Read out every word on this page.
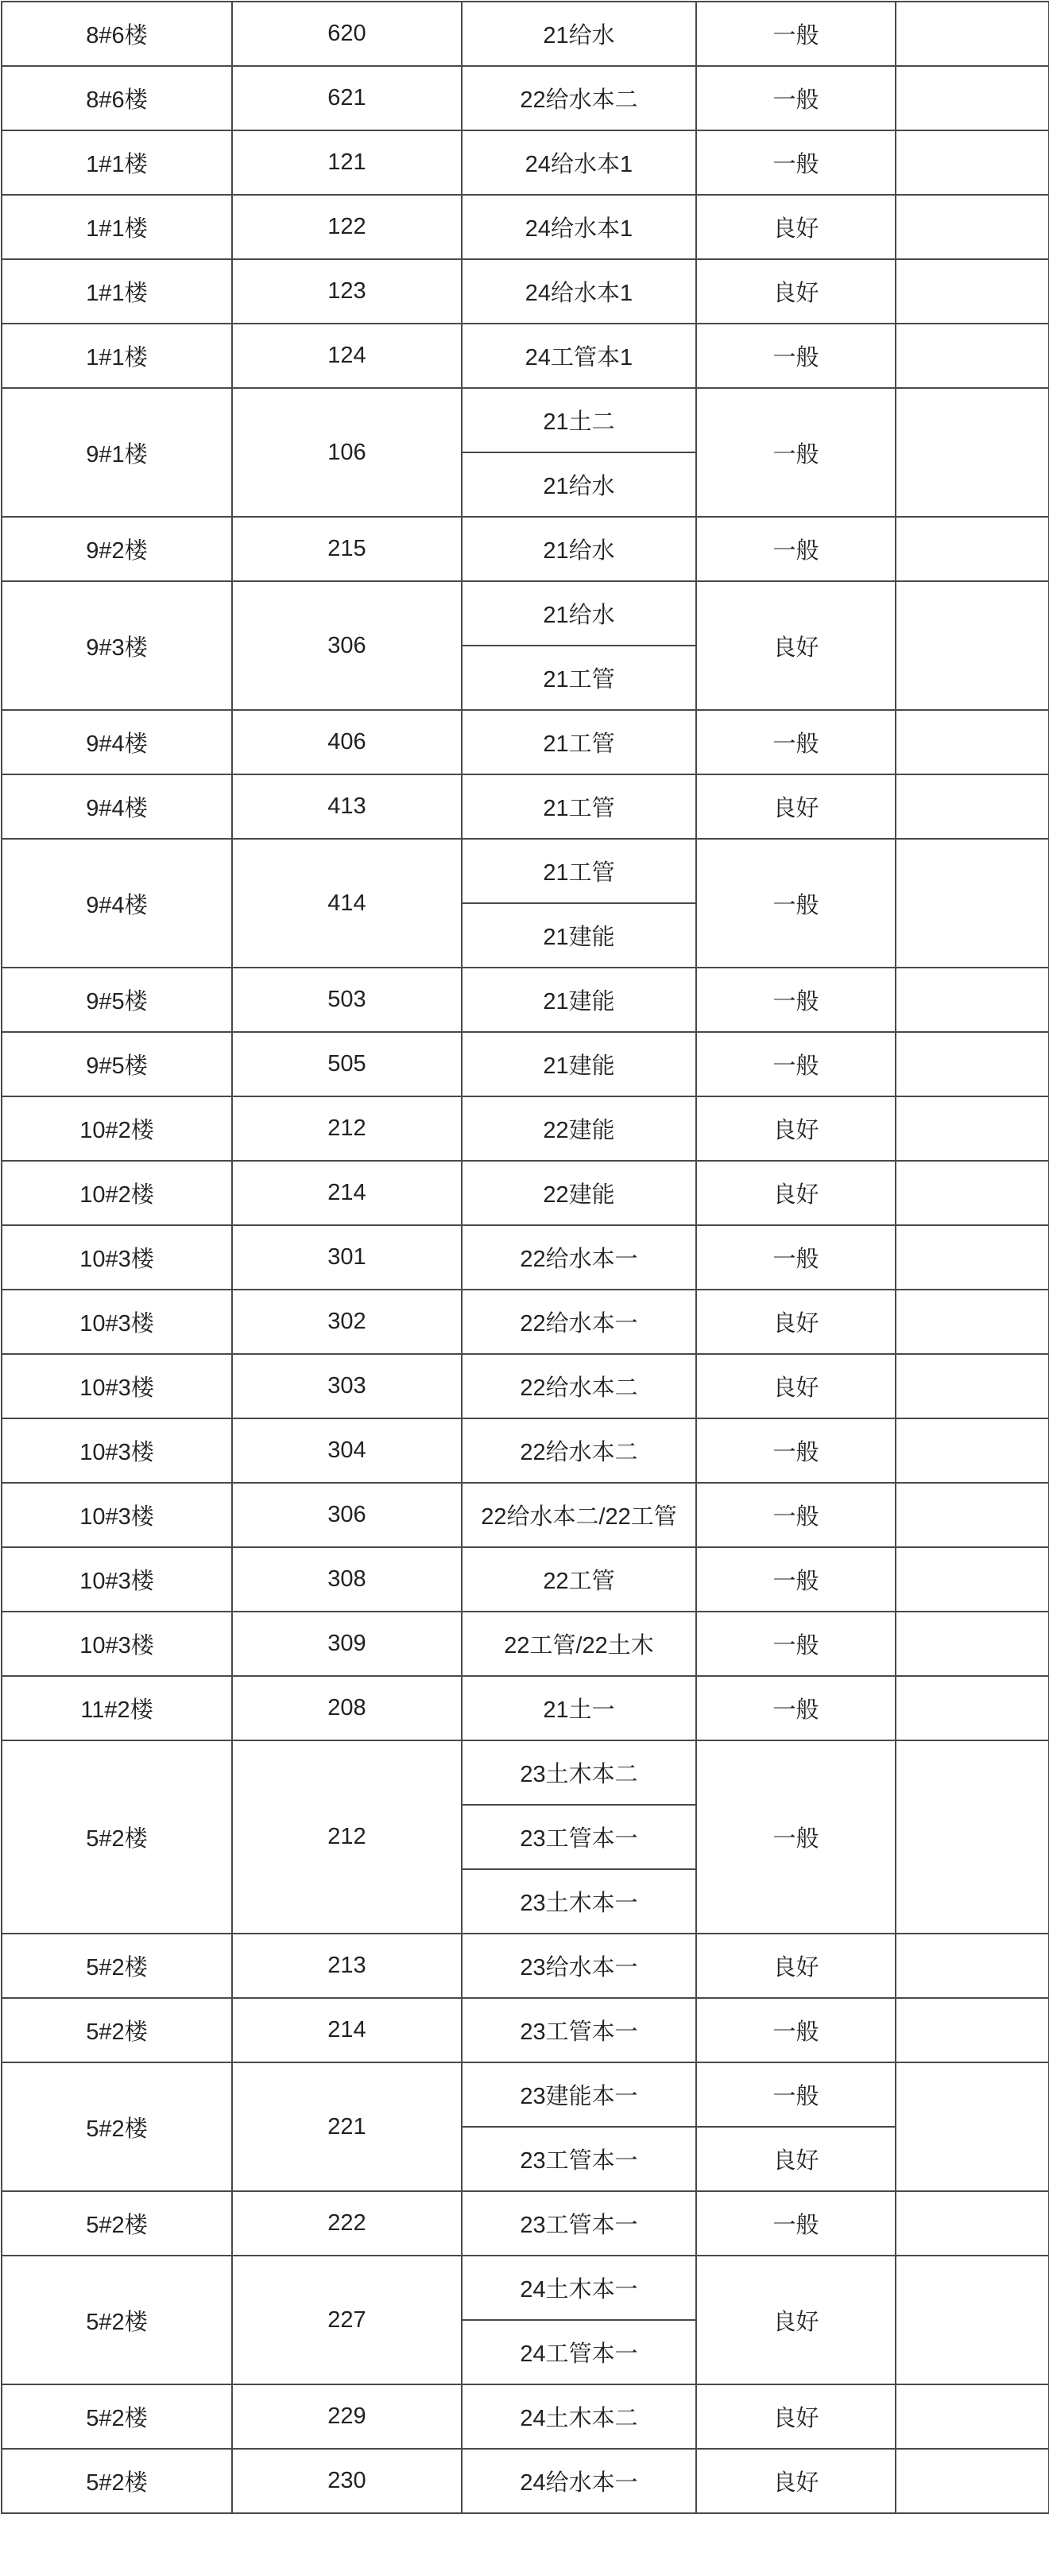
8#6楼	620	21给水	一般	
8#6楼	621	22给水本二	一般	
1#1楼	121	24给水本1	一般	
1#1楼	122	24给水本1	良好	
1#1楼	123	24给水本1	良好	
1#1楼	124	24工管本1	一般	
9#1楼	106	21土二	一般	
		21给水		
9#2楼	215	21给水	一般	
9#3楼	306	21给水	良好	
		21工管		
9#4楼	406	21工管	一般	
9#4楼	413	21工管	良好	
9#4楼	414	21工管	一般	
		21建能		
9#5楼	503	21建能	一般	
9#5楼	505	21建能	一般	
10#2楼	212	22建能	良好	
10#2楼	214	22建能	良好	
10#3楼	301	22给水本一	一般	
10#3楼	302	22给水本一	良好	
10#3楼	303	22给水本二	良好	
10#3楼	304	22给水本二	一般	
10#3楼	306	22给水本二/22工管	一般	
10#3楼	308	22工管	一般	
10#3楼	309	22工管/22土木	一般	
11#2楼	208	21土一	一般	
5#2楼	212	23土木本二	一般	
		23工管本一		
		23土木本一		
5#2楼	213	23给水本一	良好	
5#2楼	214	23工管本一	一般	
5#2楼	221	23建能本一	一般	
		23工管本一	良好	
5#2楼	222	23工管本一	一般	
5#2楼	227	24土木本一	良好	
		24工管本一		
5#2楼	229	24土木本二	良好	
5#2楼	230	24给水本一	良好	
